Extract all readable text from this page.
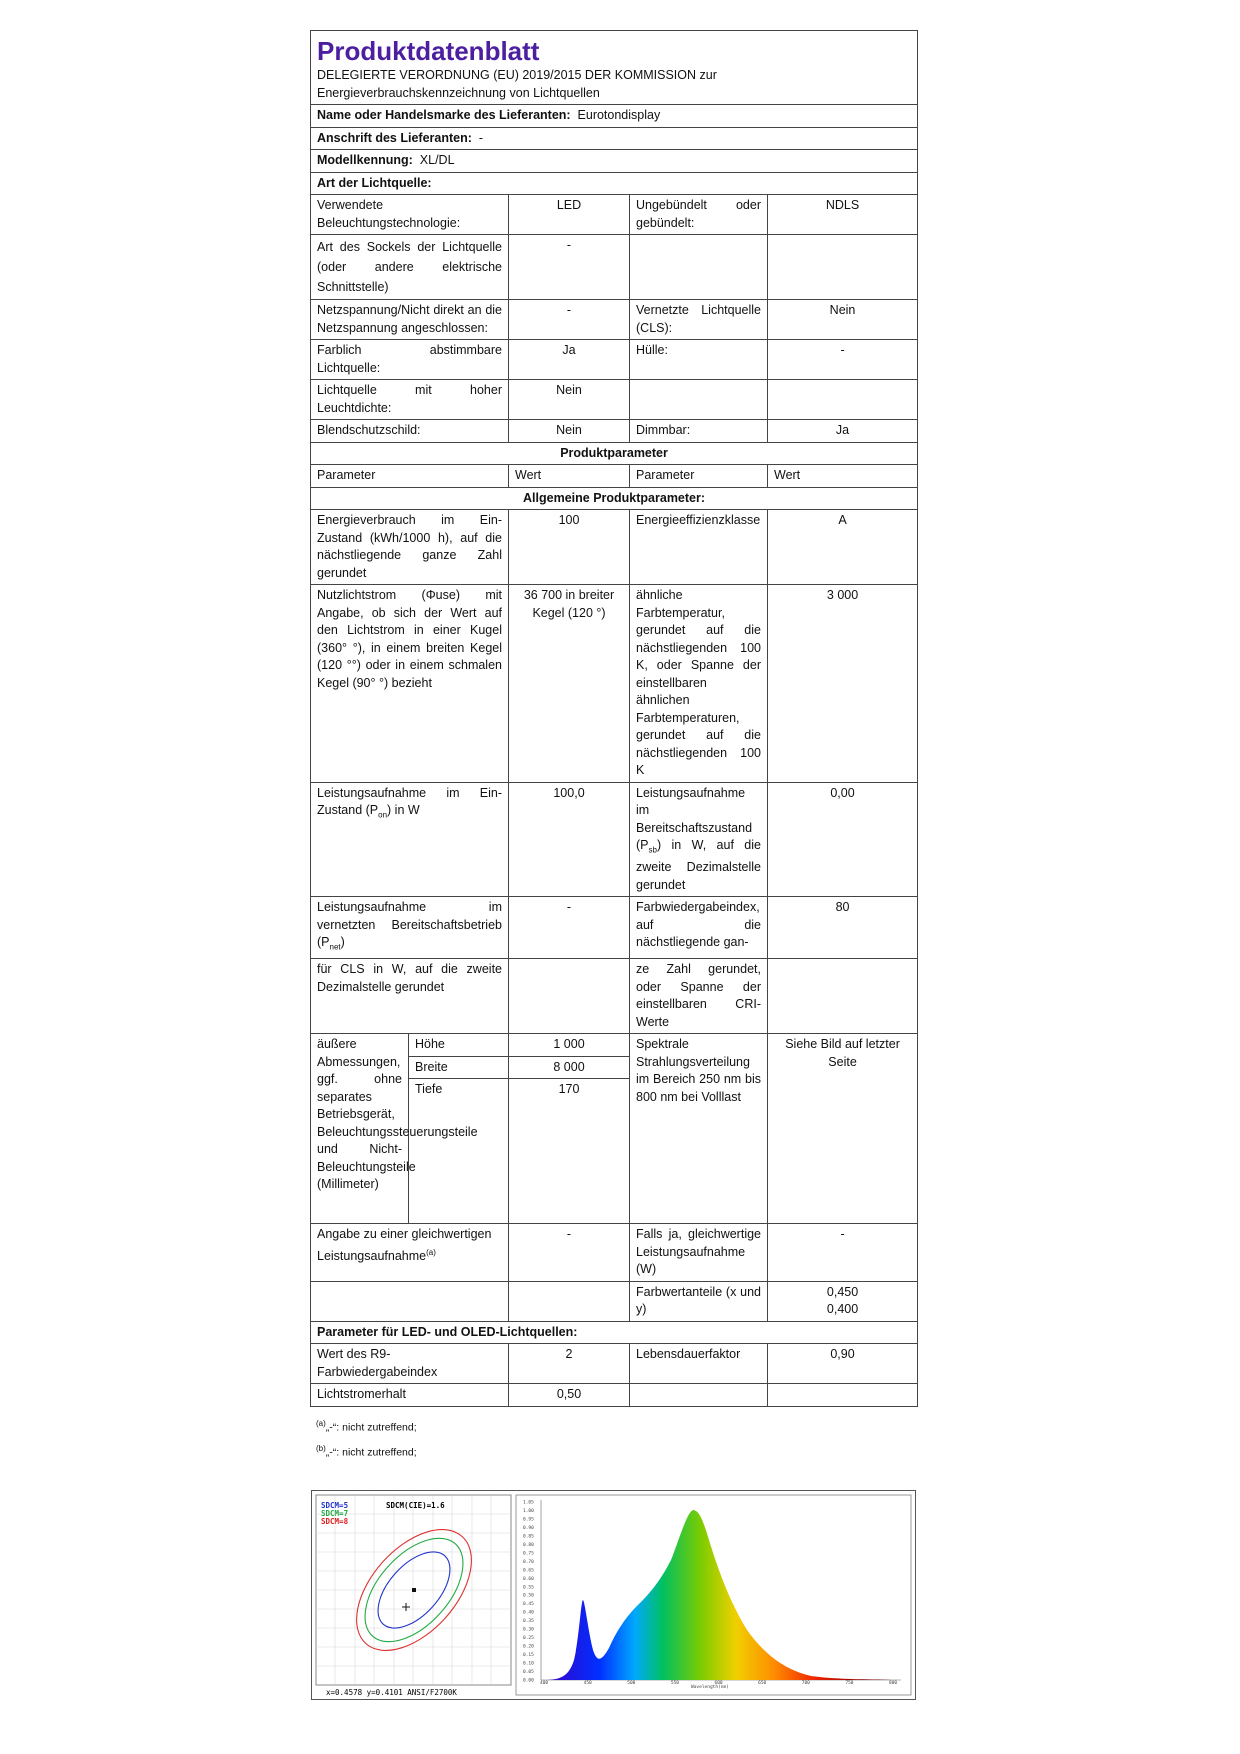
Produktdatenblatt
DELEGIERTE VERORDNUNG (EU) 2019/2015 DER KOMMISSION zur
Energieverbrauchskennzeichnung von Lichtquellen				

Name oder Handelsmarke des Lieferanten: Eurotondisplay				
Anschrift des Lieferanten: -				
Modellkennung: XL/DL				
Art der Lichtquelle:				
Verwendete Beleuchtungstechnologie:		LED	Ungebündelt oder gebündelt:	NDLS
Art des Sockels der Lichtquelle (oder andere elektrische Schnittstelle)		-		
Netzspannung/Nicht direkt an die Netzspannung angeschlossen:		-	Vernetzte Lichtquelle (CLS):	Nein
Farblich abstimmbare Lichtquelle:		Ja	Hülle:	-
Lichtquelle mit hoher Leuchtdichte:		Nein		
Blendschutzschild:		Nein	Dimmbar:	Ja
Produktparameter				
Parameter		Wert	Parameter	Wert
Allgemeine Produktparameter:				
Energieverbrauch im Ein-Zustand (kWh/1000 h), auf die nächstliegende ganze Zahl gerundet		100	Energieeffizienzklasse	A
Nutzlichtstrom (Φuse) mit Angabe, ob sich der Wert auf den Lichtstrom in einer Kugel (360° °), in einem breiten Kegel (120 °°) oder in einem schmalen Kegel (90° °) bezieht		36 700 in breiter Kegel (120 °)	ähnliche Farbtemperatur, gerundet auf die nächstliegenden 100 K, oder Spanne der einstellbaren ähnlichen Farbtemperaturen, gerundet auf die nächstliegenden 100 K	3 000
Leistungsaufnahme im Ein-Zustand $(P_{on})$ in W		100,0	Leistungsaufnahme im Bereitschaftszustand $(P_{sb})$ in W, auf die zweite Dezimalstelle gerundet	0,00
Leistungsaufnahme im vernetzten Bereitschaftsbetrieb $(P_{net})$		-	Farbwiedergabeindex, auf die nächstliegende gan-	80
für CLS in W, auf die zweite Dezimalstelle gerundet			ze Zahl gerundet, oder Spanne der einstellbaren CRI-Werte	
äußere Abmessungen, ggf. ohne separates Betriebsgerät, Beleuchtungssteuerungsteile und Nicht-Beleuchtungsteile (Millimeter)	Höhe	1 000	Spektrale Strahlungsverteilung im Bereich 250 nm bis 800 nm bei Volllast	Siehe Bild auf letzter Seite
	Breite	8 000		
	Tiefe	170		
Angabe zu einer gleichwertigen Leistungsaufnahme$^{(a)}$		-	Falls ja, gleichwertige Leistungsaufnahme (W)	-
			Farbwertanteile (x und y)	0,450
0,400

Parameter für LED- und OLED-Lichtquellen:				
Wert des R9-Farbwiedergabeindex		2	Lebensdauerfaktor	0,90
Lichtstromerhalt		0,50		
$^{(a)}$„-“: nicht zutreffend;
$^{(b)}$„-“: nicht zutreffend;
SDCM=5
SDCM=7
SDCM=8
SDCM(CIE)=1.6
x=0.4578 y=0.4101 ANSI/F2700K
1.05
1.00
0.95
0.90
0.85
0.80
0.75
0.70
0.65
0.60
0.55
0.50
0.45
0.40
0.35
0.30
0.25
0.20
0.15
0.10
0.05
0.00 400	450	500	550	600	650	700	750	800
Wavelength(nm)
